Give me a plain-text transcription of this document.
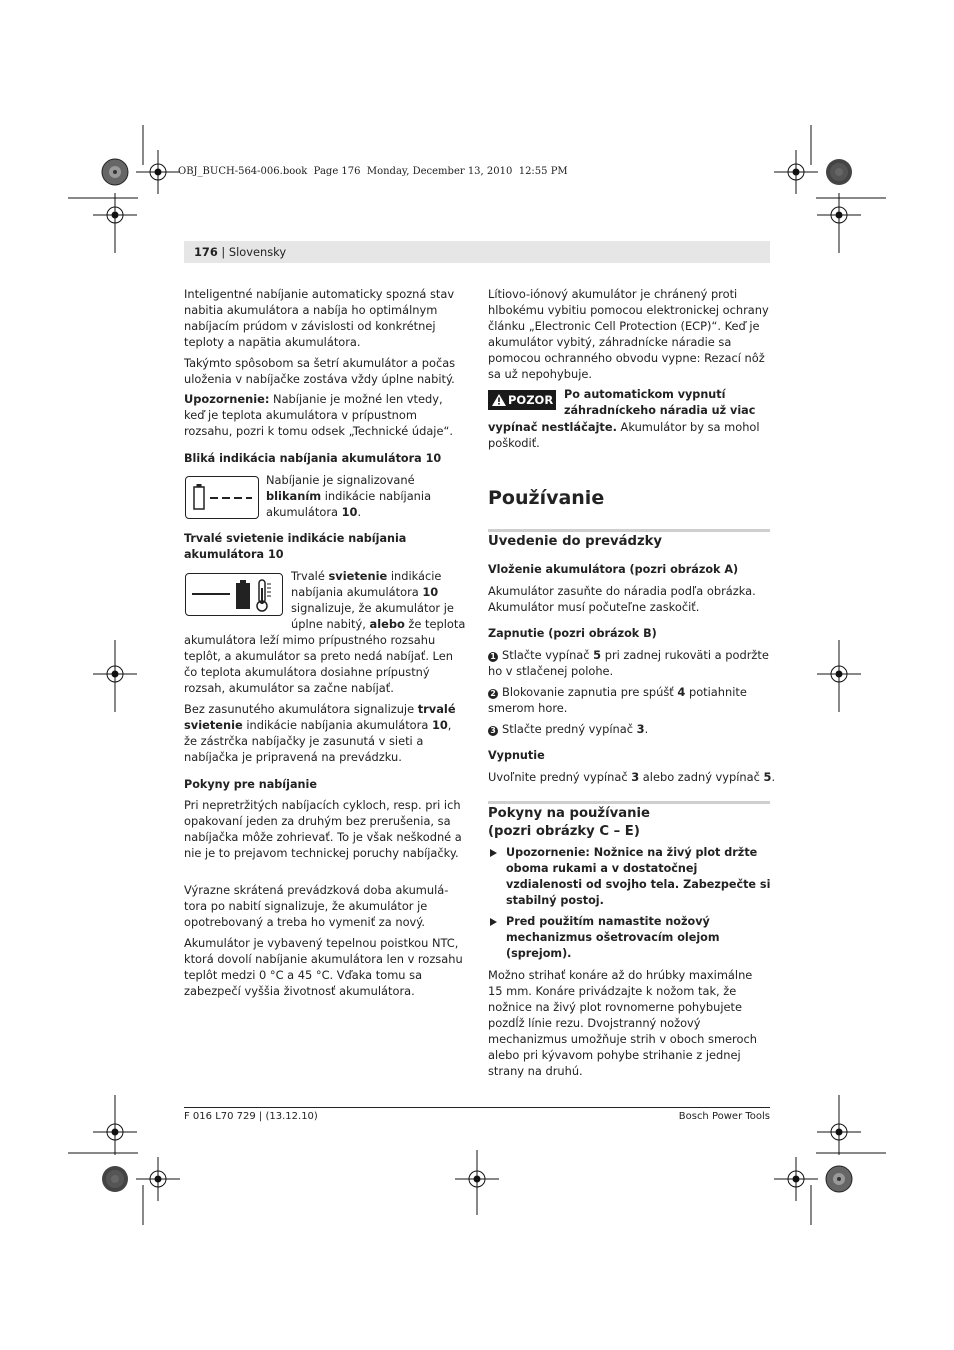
OBJ_BUCH-564-006.book  Page 176  Monday, December 13, 2010  12:55 PM
176 | Slovensky

Inteligentné nabíjanie automaticky spozná stav nabitia akumulátora a nabíja ho optimálnym nabíjacím prúdom v závislosti od konkrétnej teploty a napätia akumulátora.

Takýmto spôsobom sa šetrí akumulátor a počas uloženia v nabíjačke zostáva vždy úplne nabitý.

Upozornenie: Nabíjanie je možné len vtedy, keď je teplota akumulátora v prípustnom rozsahu, pozri k tomu odsek „Technické údaje“.

Bliká indikácia nabíjania akumulátora 10

Nabíjanie je signalizované
blikaním indikácie nabíjania
akumulátora 10.
Trvalé svietenie indikácie nabíjania
akumulátora 10
Trvalé svietenie indikácie
nabíjania akumulátora 10
signalizuje, že akumulátor je
úplne nabitý, alebo že teplota

akumulátora leží mimo prípustného rozsahu teplôt, a akumulátor sa preto nedá nabíjať. Len čo teplota akumulátora dosiahne prípustný rozsah, akumulátor sa začne nabíjať.

Bez zasunutého akumulátora signalizuje trvalé svietenie indikácie nabíjania akumulátora 10, že zástrčka nabíjačky je zasunutá v sieti a nabíjačka je pripravená na prevádzku.

Pokyny pre nabíjanie

Pri nepretržitých nabíjacích cykloch, resp. pri ich opakovaní jeden za druhým bez prerušenia, sa nabíjačka môže zohrievať. To je však neškodné a nie je to prejavom technickej poruchy nabíjačky.

Výrazne skrátená prevádzková doba akumulá-tora po nabití signalizuje, že akumulátor je opotrebovaný a treba ho vymeniť za nový.

Akumulátor je vybavený tepelnou poistkou NTC, ktorá dovolí nabíjanie akumulátora len v rozsahu teplôt medzi 0 °C a 45 °C. Vďaka tomu sa zabezpečí vyššia životnosť akumulátora.

Lítiovo-iónový akumulátor je chránený proti hlbokému vybitiu pomocou elektronickej ochrany článku „Electronic Cell Protection (ECP)“. Keď je akumulátor vybitý, záhradnícke náradie sa pomocou ochranného obvodu vypne: Rezací nôž sa už nepohybuje.

POZOR Po automatickom vypnutí
záhradníckeho náradia už viac
vypínač nestláčajte. Akumulátor by sa mohol
poškodiť.
Používanie

Uvedenie do prevádzky

Vloženie akumulátora (pozri obrázok A)

Akumulátor zasuňte do náradia podľa obrázka. Akumulátor musí počuteľne zaskočiť.

Zapnutie (pozri obrázok B)

1 Stlačte vypínač 5 pri zadnej rukoväti a podržte ho v stlačenej polohe.

2 Blokovanie zapnutia pre spúšť 4 potiahnite smerom hore.

3 Stlačte predný vypínač 3.

Vypnutie

Uvoľnite predný vypínač 3 alebo zadný vypínač 5.

Pokyny na používanie
(pozri obrázky C – E)
Upozornenie: Nožnice na živý plot držte oboma rukami a v dostatočnej vzdialenosti od svojho tela. Zabezpečte si stabilný postoj.
Pred použitím namastite nožový mechanizmus ošetrovacím olejom (sprejom).

Možno strihať konáre až do hrúbky maximálne 15 mm. Konáre privádzajte k nožom tak, že nožnice na živý plot rovnomerne pohybujete pozdĺž línie rezu. Dvojstranný nožový mechanizmus umožňuje strih v oboch smeroch alebo pri kývavom pohybe strihanie z jednej strany na druhú.

F 016 L70 729 | (13.12.10)	Bosch Power Tools
